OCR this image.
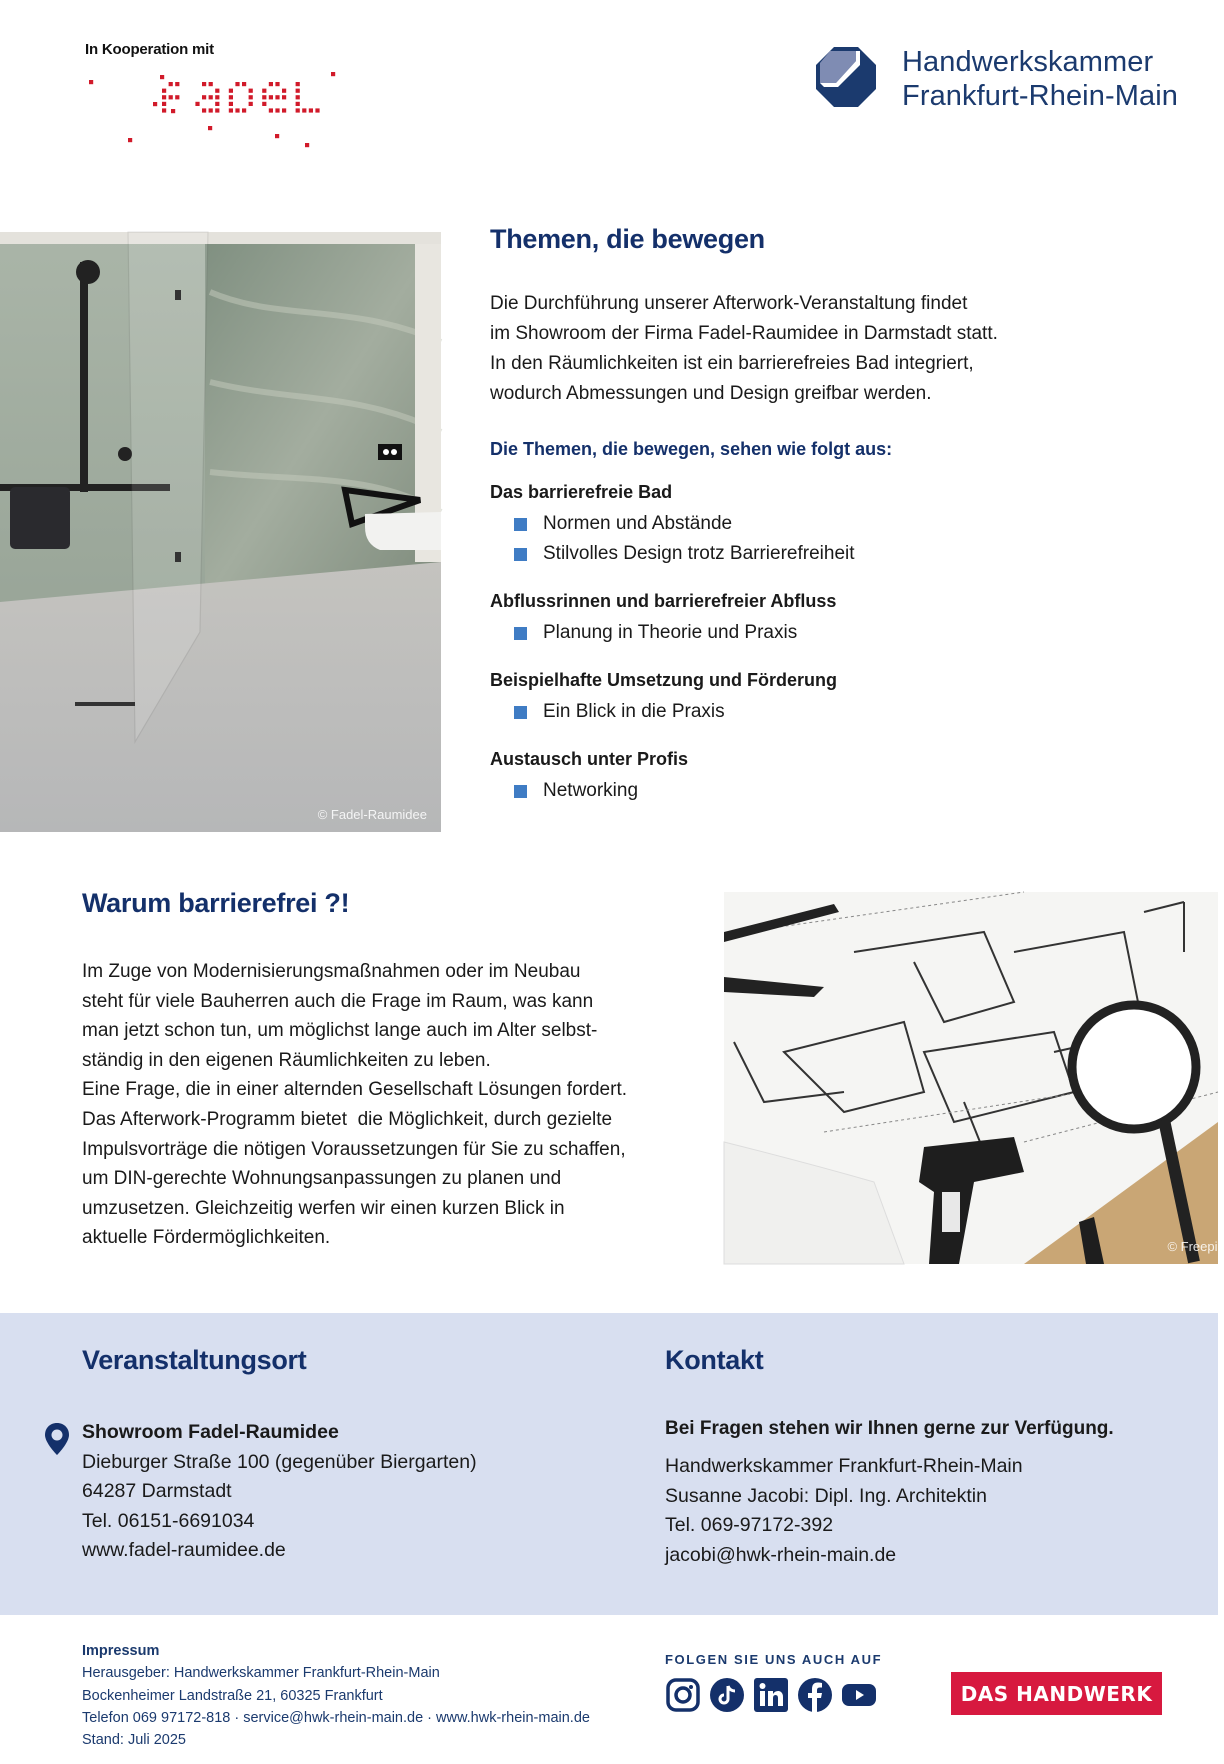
In Kooperation mit	Handwerkskammer
Frankfurt-Rhein-Main
© Fadel-Raumidee
Themen, die bewegen
Die Durchführung unserer Afterwork-Veranstaltung findet
im Showroom der Firma Fadel-Raumidee in Darmstadt statt.
In den Räumlichkeiten ist ein barrierefreies Bad integriert,
wodurch Abmessungen und Design greifbar werden.
Die Themen, die bewegen, sehen wie folgt aus:
Das barrierefreie Bad
Normen und Abstände
Stilvolles Design trotz Barrierefreiheit
Abflussrinnen und barrierefreier Abfluss
Planung in Theorie und Praxis
Beispielhafte Umsetzung und Förderung
Ein Blick in die Praxis
Austausch unter Profis
Networking
Warum barrierefrei ?!
Im Zuge von Modernisierungsmaßnahmen oder im Neubau
steht für viele Bauherren auch die Frage im Raum, was kann
man jetzt schon tun, um möglichst lange auch im Alter selbst-
ständig in den eigenen Räumlichkeiten zu leben.
Eine Frage, die in einer alternden Gesellschaft Lösungen fordert.
Das Afterwork-Programm bietet  die Möglichkeit, durch gezielte
Impulsvorträge die nötigen Voraussetzungen für Sie zu schaffen,
um DIN-gerechte Wohnungsanpassungen zu planen und
umzusetzen. Gleichzeitig werfen wir einen kurzen Blick in
aktuelle Fördermöglichkeiten.	© Freepik
Veranstaltungsort
Showroom Fadel-Raumidee
Dieburger Straße 100 (gegenüber Biergarten)
64287 Darmstadt
Tel. 06151-6691034
www.fadel-raumidee.de
Kontakt
Bei Fragen stehen wir Ihnen gerne zur Verfügung.
Handwerkskammer Frankfurt-Rhein-Main
Susanne Jacobi: Dipl. Ing. Architektin
Tel. 069-97172-392
jacobi@hwk-rhein-main.de
Impressum
Herausgeber: Handwerkskammer Frankfurt-Rhein-Main
Bockenheimer Landstraße 21, 60325 Frankfurt
Telefon 069 97172-818 · service@hwk-rhein-main.de · www.hwk-rhein-main.de
Stand: Juli 2025
FOLGEN SIE UNS AUCH AUF
DAS HANDWERK
